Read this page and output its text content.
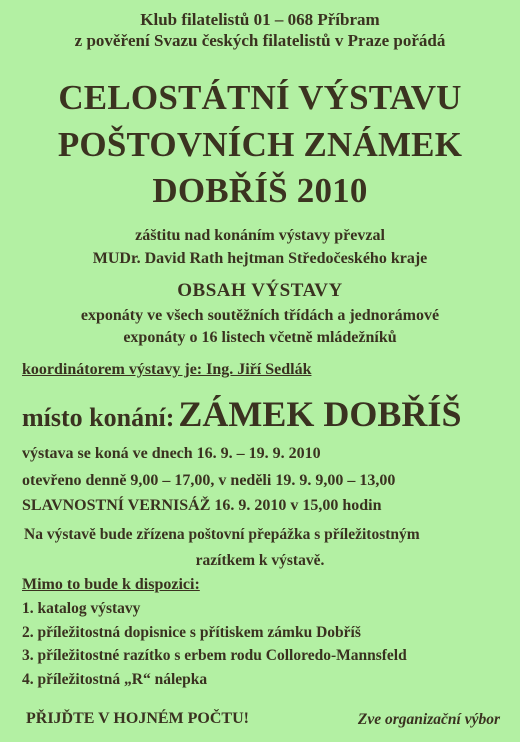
Klub filatelistů 01 – 068 Příbram
z pověření Svazu českých filatelistů v Praze pořádá
CELOSTÁTNÍ VÝSTAVU
POŠTOVNÍCH ZNÁMEK
DOBŘÍŠ 2010
záštitu nad konáním výstavy převzal
MUDr. David Rath hejtman Středočeského kraje
OBSAH VÝSTAVY
exponáty ve všech soutěžních třídách a jednorámové
exponáty o 16 listech včetně mládežníků
koordinátorem výstavy je: Ing. Jiří Sedlák
místo konání: ZÁMEK DOBŘÍŠ
výstava se koná ve dnech 16. 9. – 19. 9. 2010
otevřeno denně 9,00 – 17,00, v neděli 19. 9. 9,00 – 13,00
SLAVNOSTNÍ VERNISÁŽ 16. 9. 2010 v 15,00 hodin
Na výstavě bude zřízena poštovní přepážka s příležitostným
razítkem k výstavě.
Mimo to bude k dispozici:
1. katalog výstavy
2. příležitostná dopisnice s přítiskem zámku Dobříš
3. příležitostné razítko s erbem rodu Colloredo-Mannsfeld
4. příležitostná „R“ nálepka
PŘIJĎTE V HOJNÉM POČTU!	Zve organizační výbor
